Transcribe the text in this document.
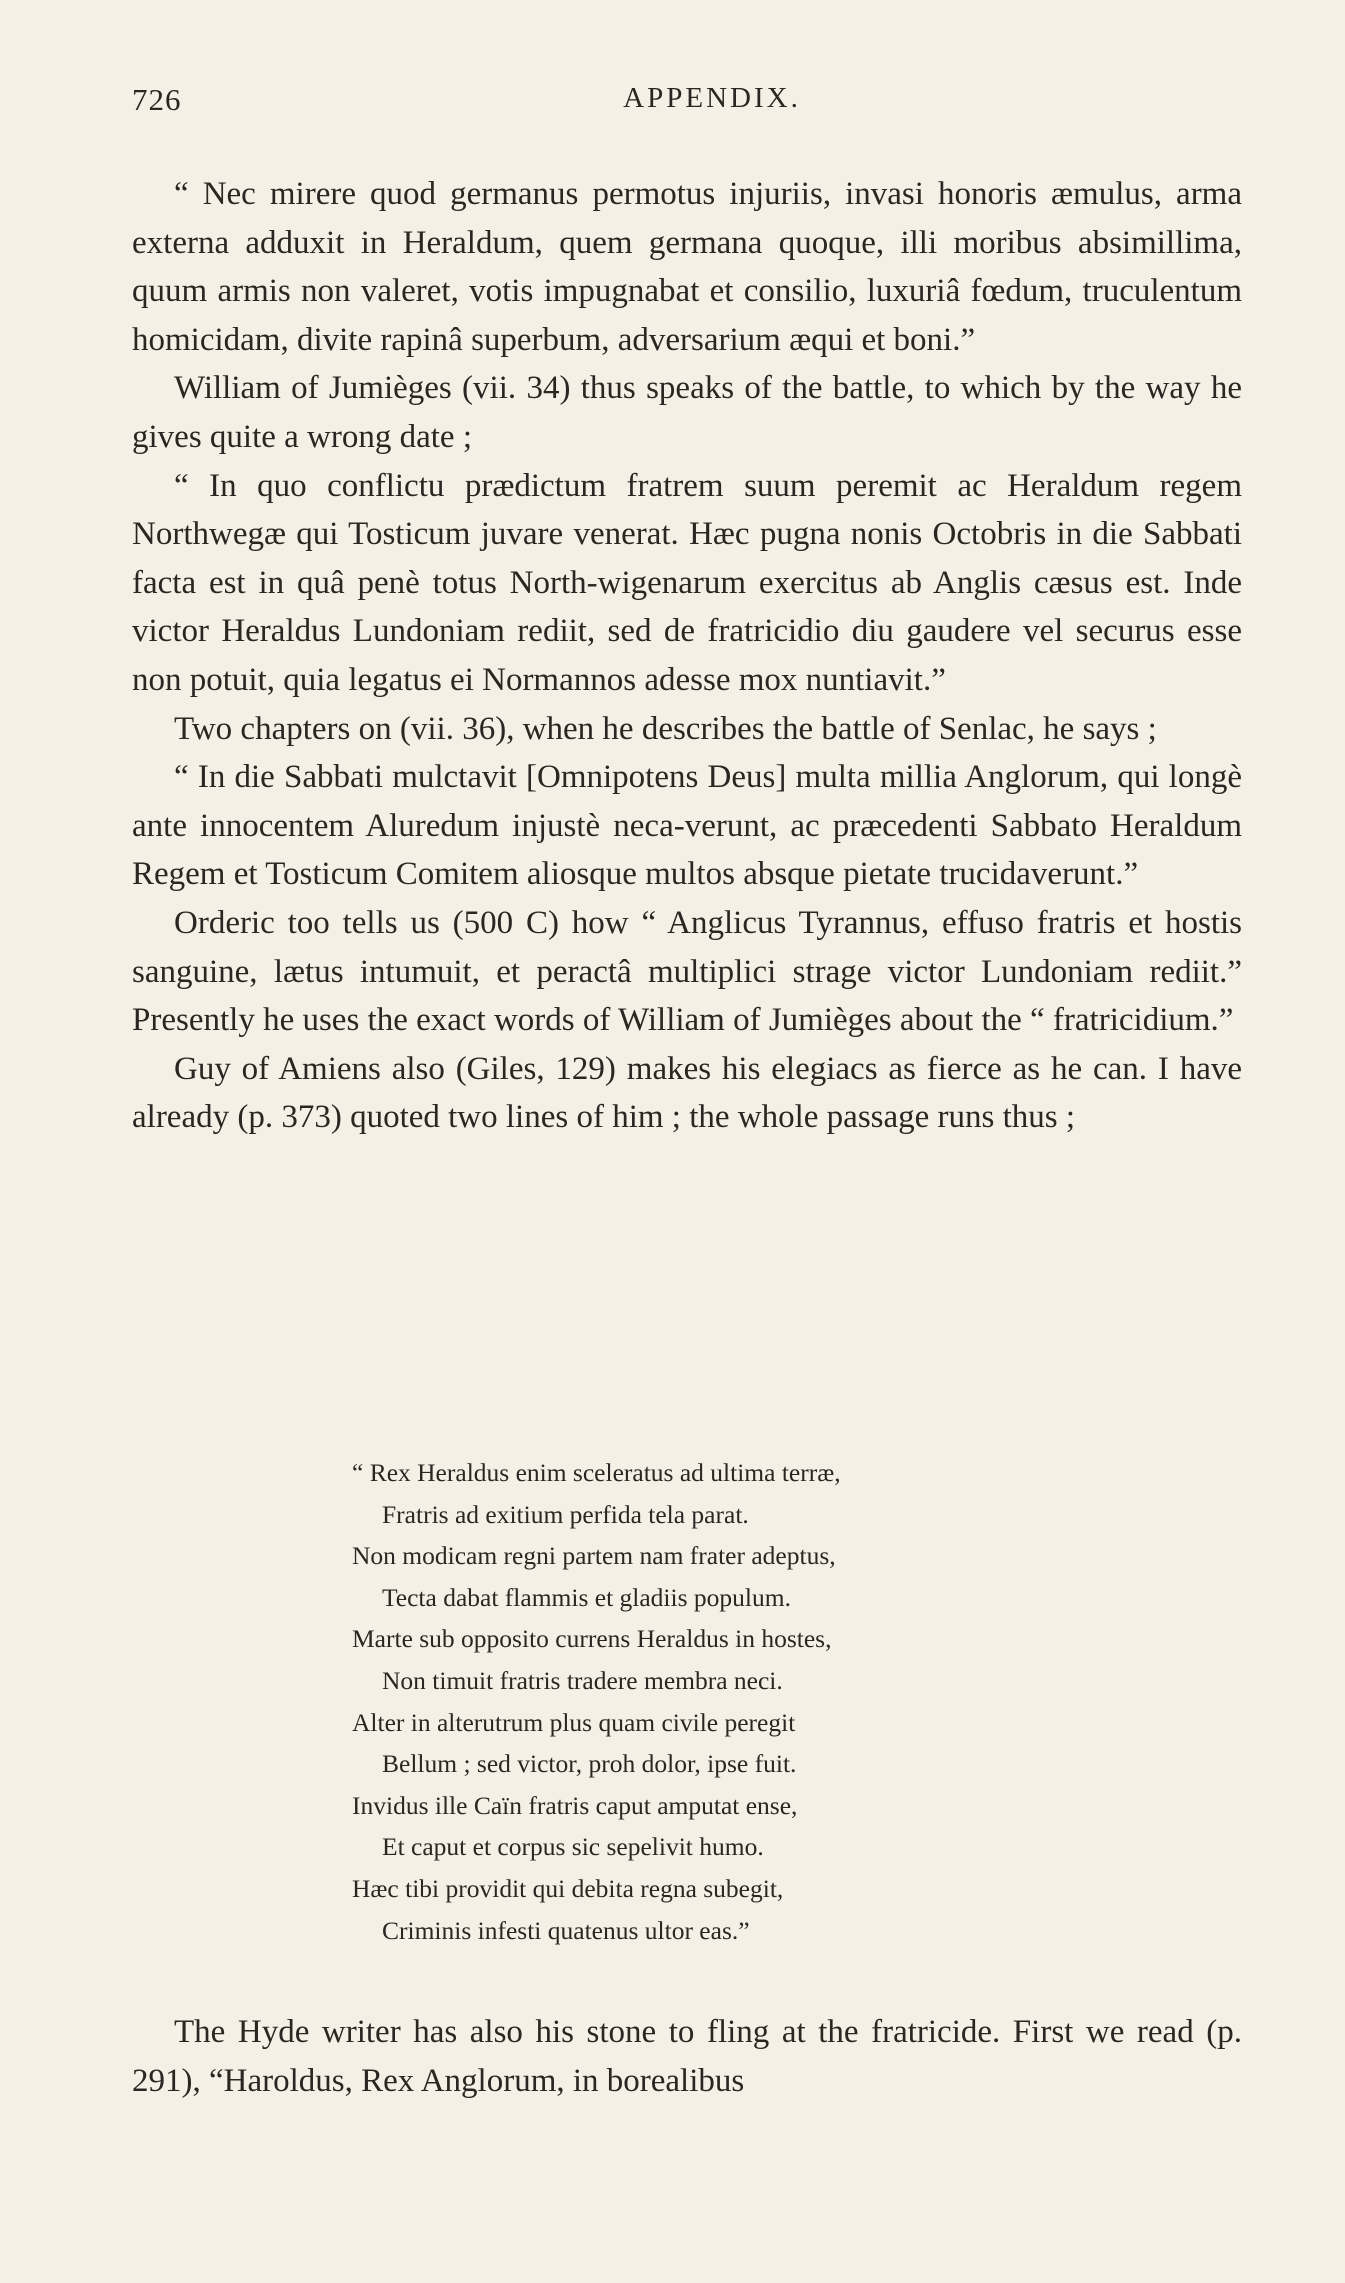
726	APPENDIX.

“ Nec mirere quod germanus permotus injuriis, invasi honoris æmulus, arma externa adduxit in Heraldum, quem germana quoque, illi moribus absimillima, quum armis non valeret, votis impugnabat et consilio, luxuriâ fœdum, truculentum homicidam, divite rapinâ superbum, adversarium æqui et boni.”

William of Jumièges (vii. 34) thus speaks of the battle, to which by the way he gives quite a wrong date ;

“ In quo conflictu prædictum fratrem suum peremit ac Heraldum regem Northwegæ qui Tosticum juvare venerat. Hæc pugna nonis Octobris in die Sabbati facta est in quâ penè totus North-wigenarum exercitus ab Anglis cæsus est. Inde victor Heraldus Lundoniam rediit, sed de fratricidio diu gaudere vel securus esse non potuit, quia legatus ei Normannos adesse mox nuntiavit.”

Two chapters on (vii. 36), when he describes the battle of Senlac, he says ;

“ In die Sabbati mulctavit [Omnipotens Deus] multa millia Anglorum, qui longè ante innocentem Aluredum injustè neca-verunt, ac præcedenti Sabbato Heraldum Regem et Tosticum Comitem aliosque multos absque pietate trucidaverunt.”

Orderic too tells us (500 C) how “ Anglicus Tyrannus, effuso fratris et hostis sanguine, lætus intumuit, et peractâ multiplici strage victor Lundoniam rediit.” Presently he uses the exact words of William of Jumièges about the “ fratricidium.”

Guy of Amiens also (Giles, 129) makes his elegiacs as fierce as he can. I have already (p. 373) quoted two lines of him ; the whole passage runs thus ;

“ Rex Heraldus enim sceleratus ad ultima terræ,
Fratris ad exitium perfida tela parat.
Non modicam regni partem nam frater adeptus,
Tecta dabat flammis et gladiis populum.
Marte sub opposito currens Heraldus in hostes,
Non timuit fratris tradere membra neci.
Alter in alterutrum plus quam civile peregit
Bellum ; sed victor, proh dolor, ipse fuit.
Invidus ille Caïn fratris caput amputat ense,
Et caput et corpus sic sepelivit humo.
Hæc tibi providit qui debita regna subegit,
Criminis infesti quatenus ultor eas.”

The Hyde writer has also his stone to fling at the fratricide. First we read (p. 291), “Haroldus, Rex Anglorum, in borealibus
